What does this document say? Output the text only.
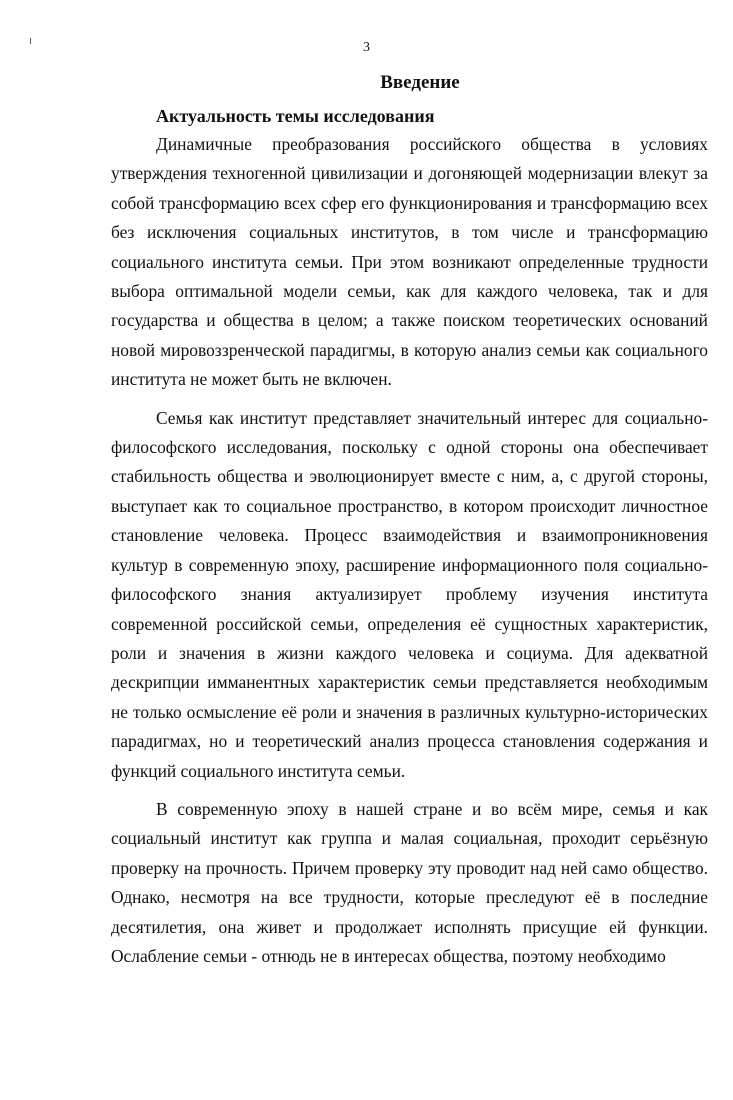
3
Введение
Актуальность темы исследования

Динамичные преобразования российского общества в условиях утверждения техногенной цивилизации и догоняющей модернизации влекут за собой трансформацию всех сфер его функционирования и трансформацию всех без исключения социальных институтов, в том числе и трансформацию социального института семьи. При этом возникают определенные трудности выбора оптимальной модели семьи, как для каждого человека, так и для государства и общества в целом; а также поиском теоретических оснований новой мировоззренческой парадигмы, в которую анализ семьи как социального института не может быть не включен.

Семья как институт представляет значительный интерес для социально-философского исследования, поскольку с одной стороны она обеспечивает стабильность общества и эволюционирует вместе с ним, а, с другой стороны, выступает как то социальное пространство, в котором происходит личностное становление человека. Процесс взаимодействия и взаимопроникновения культур в современную эпоху, расширение информационного поля социально-философского знания актуализирует проблему изучения института современной российской семьи, определения её сущностных характеристик, роли и значения в жизни каждого человека и социума. Для адекватной дескрипции имманентных характеристик семьи представляется необходимым не только осмысление её роли и значения в различных культурно-исторических парадигмах, но и теоретический анализ процесса становления содержания и функций социального института семьи.

В современную эпоху в нашей стране и во всём мире, семья и как социальный институт как группа и малая социальная, проходит серьёзную проверку на прочность. Причем проверку эту проводит над ней само общество. Однако, несмотря на все трудности, которые преследуют её в последние десятилетия, она живет и продолжает исполнять присущие ей функции. Ослабление семьи - отнюдь не в интересах общества, поэтому необходимо
